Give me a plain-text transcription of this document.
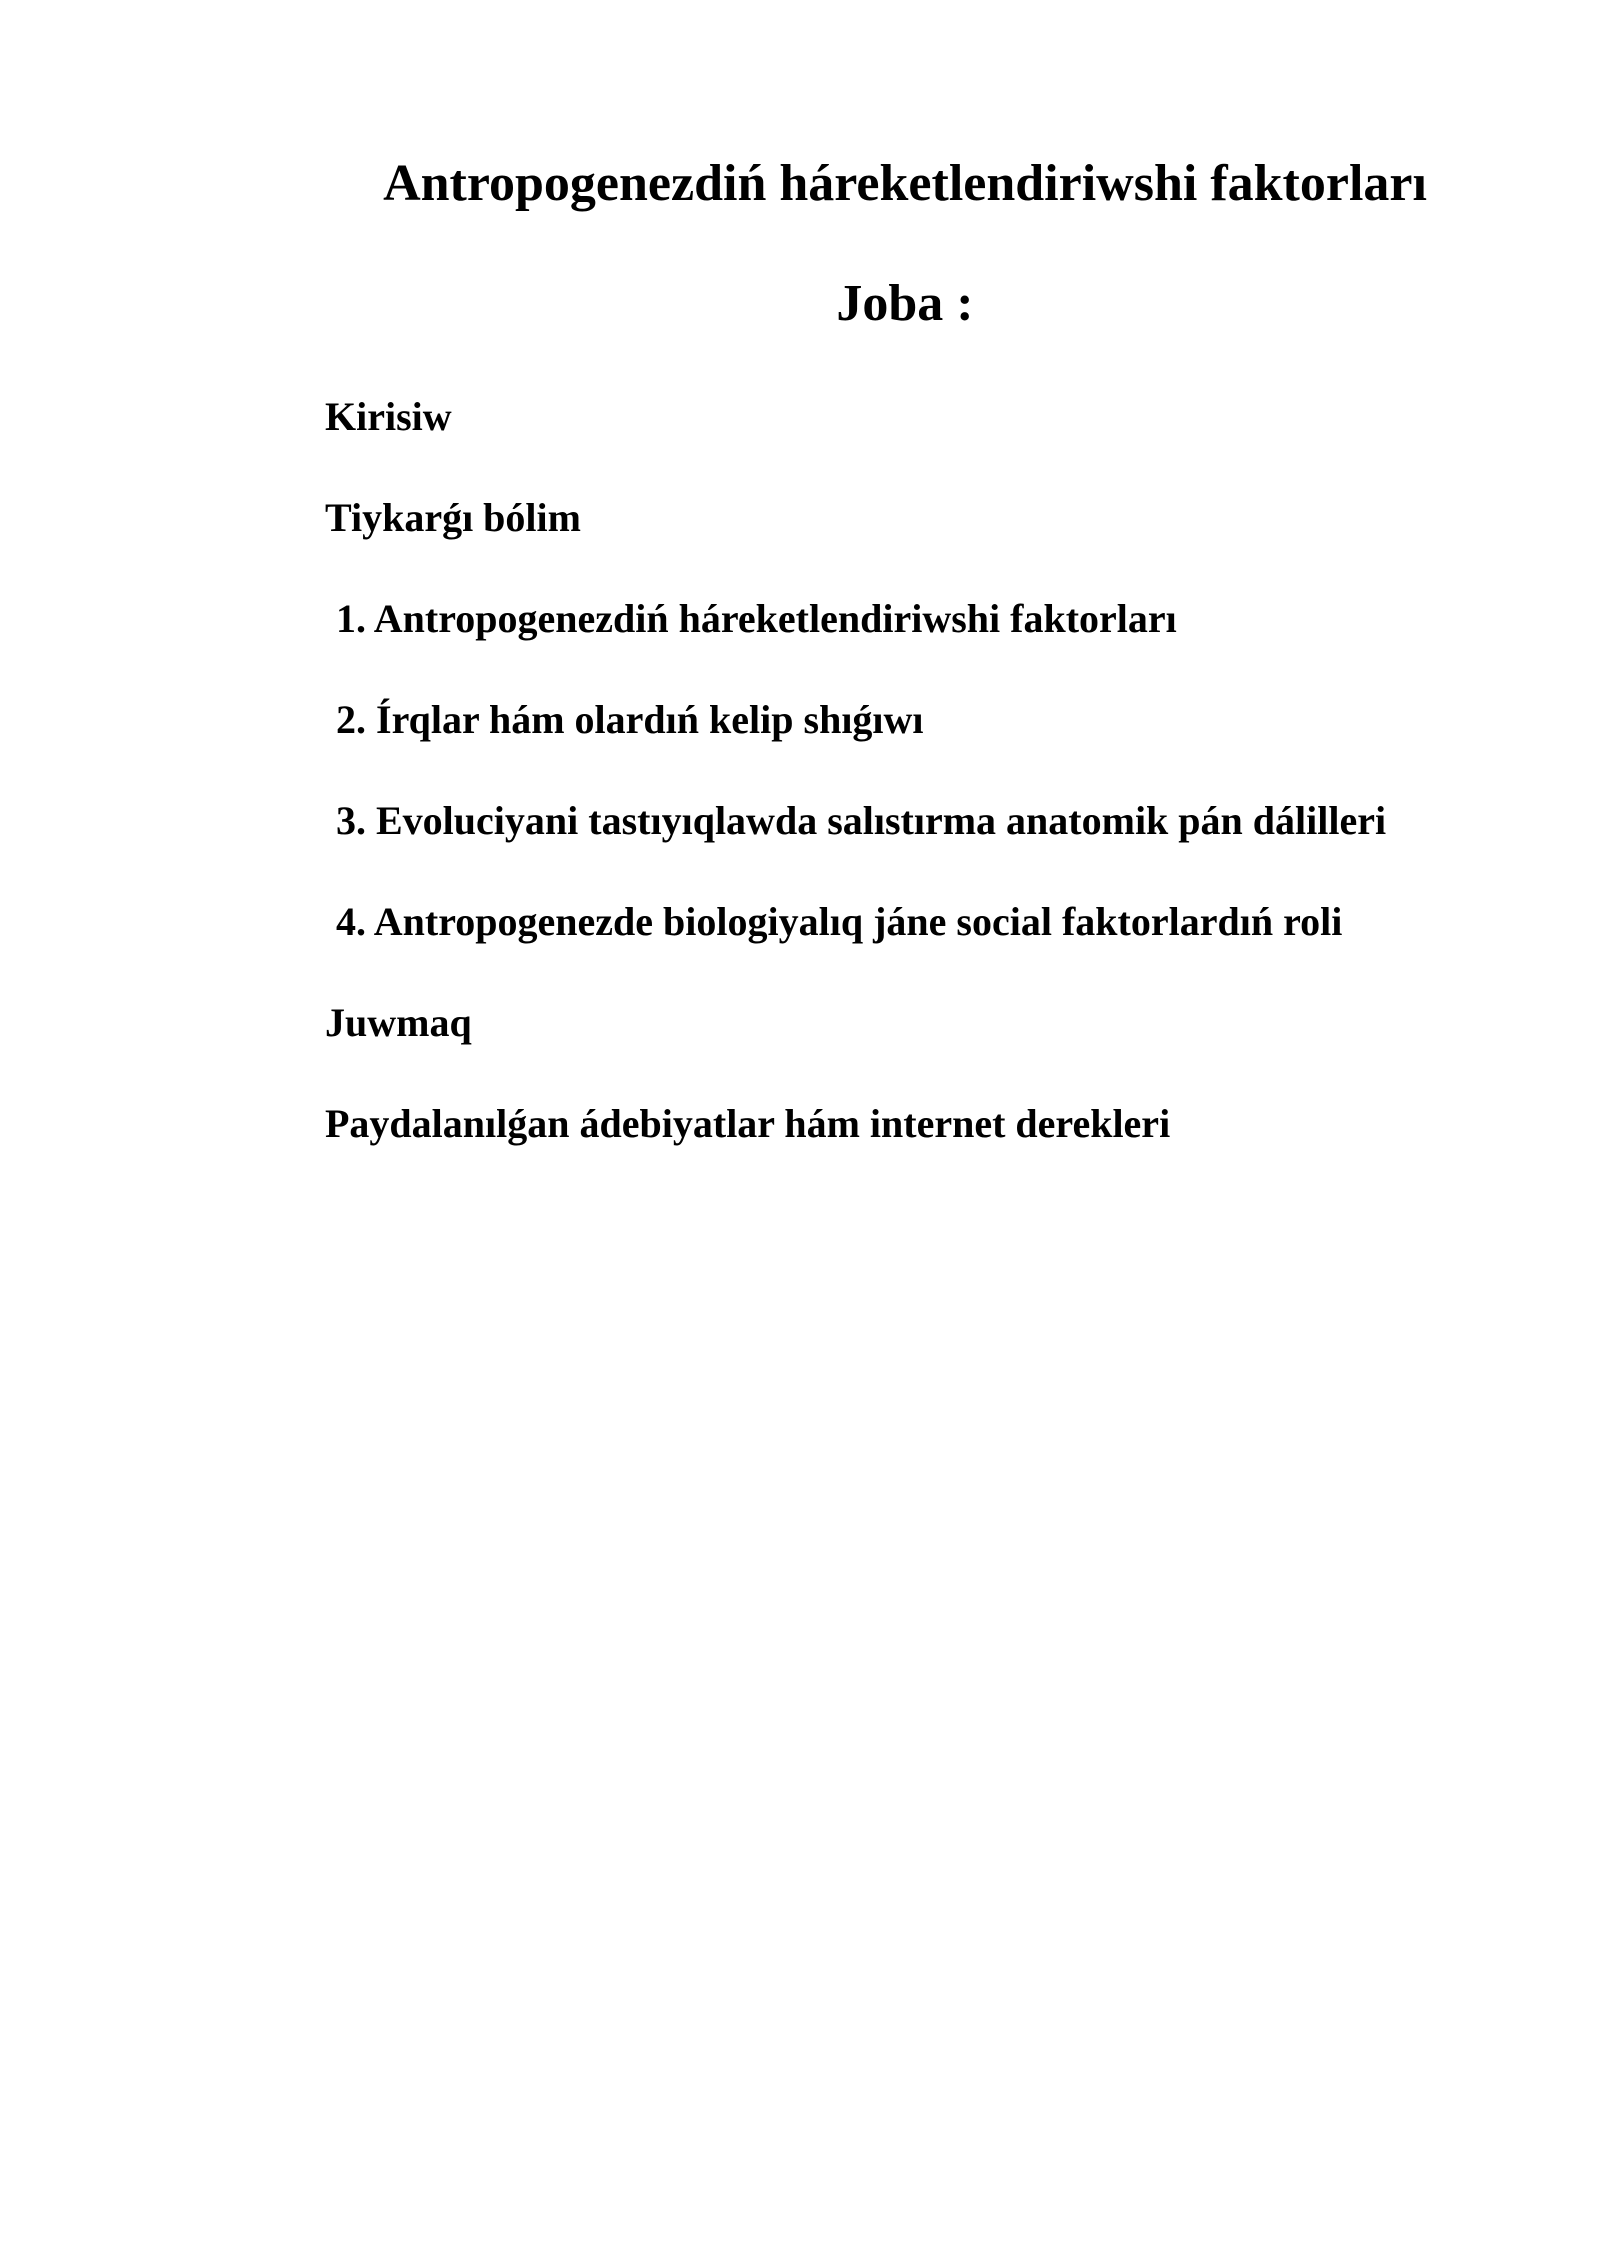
Antropogenezdiń háreketlendiriwshi faktorları
Joba :

Kirisiw

Tiykarǵı bólim

1. Antropogenezdiń háreketlendiriwshi faktorları

2. Írqlar hám olardıń kelip shıǵıwı

3. Evoluciyani tastıyıqlawda salıstırma anatomik pán dálilleri

4. Antropogenezde biologiyalıq jáne social faktorlardıń roli

Juwmaq

Paydalanılǵan ádebiyatlar hám internet derekleri
